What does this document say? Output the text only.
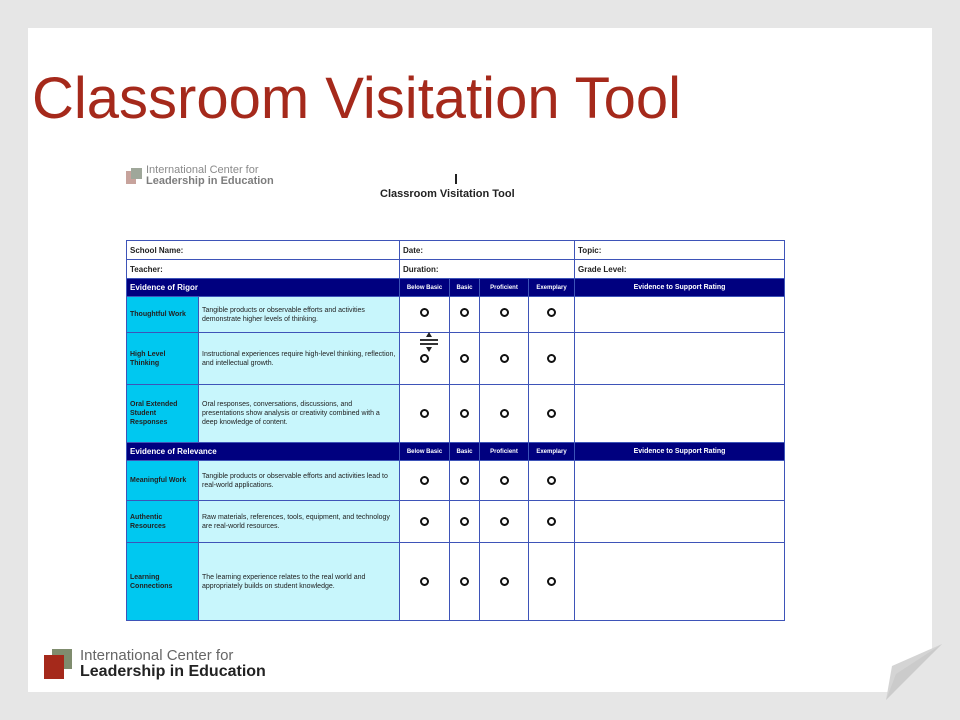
Classroom Visitation Tool
International Center for
Leadership in Education
Classroom Visitation Tool
School Name:		Date:				Topic:
Teacher:		Duration:				Grade Level:
Evidence of Rigor		Below Basic	Basic	Proficient	Exemplary	Evidence to Support Rating
Thoughtful Work	Tangible products or observable efforts and activities demonstrate higher levels of thinking.					
High Level Thinking	Instructional experiences require high-level thinking, reflection, and intellectual growth.					
Oral Extended Student Responses	Oral responses, conversations, discussions, and presentations show analysis or creativity combined with a deep knowledge of content.					
Evidence of Relevance		Below Basic	Basic	Proficient	Exemplary	Evidence to Support Rating
Meaningful Work	Tangible products or observable efforts and activities lead to real-world applications.					
Authentic Resources	Raw materials, references, tools, equipment, and technology are real-world resources.					
Learning Connections	The learning experience relates to the real world and appropriately builds on student knowledge.					
International Center for
Leadership in Education
